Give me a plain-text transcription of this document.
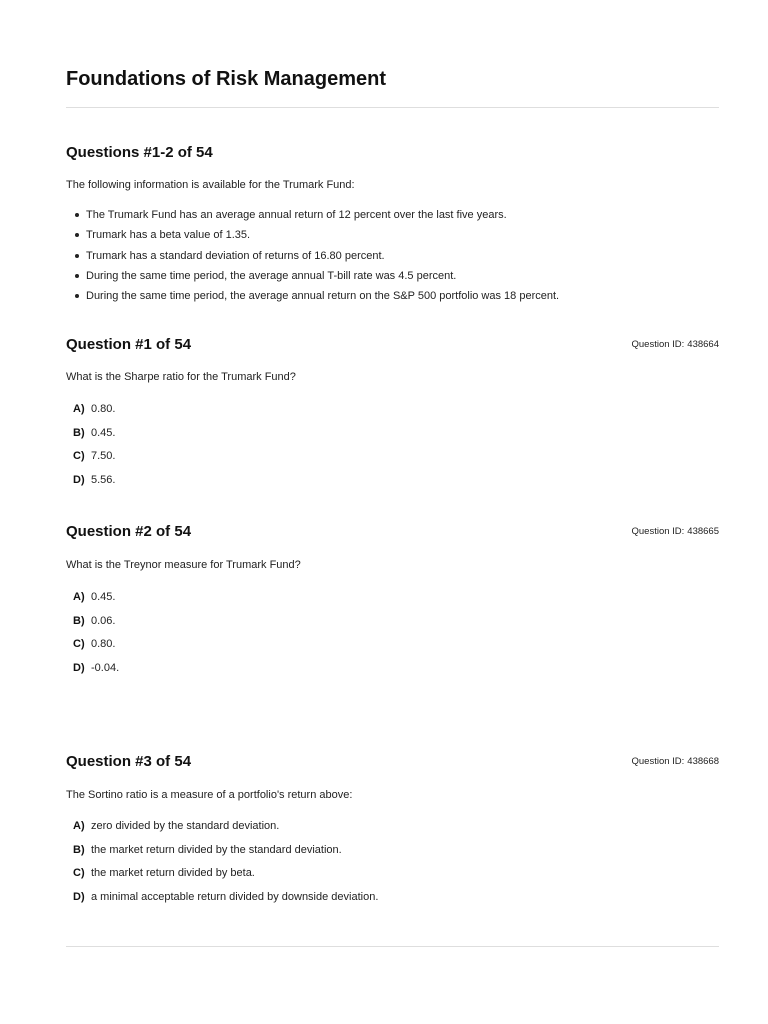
Foundations of Risk Management
Questions #1-2 of 54
The following information is available for the Trumark Fund:
The Trumark Fund has an average annual return of 12 percent over the last five years.
Trumark has a beta value of 1.35.
Trumark has a standard deviation of returns of 16.80 percent.
During the same time period, the average annual T-bill rate was 4.5 percent.
During the same time period, the average annual return on the S&P 500 portfolio was 18 percent.
Question #1 of 54	Question ID: 438664
What is the Sharpe ratio for the Trumark Fund?
A) 0.80.
B) 0.45.
C) 7.50.
D) 5.56.
Question #2 of 54	Question ID: 438665
What is the Treynor measure for Trumark Fund?
A) 0.45.
B) 0.06.
C) 0.80.
D) -0.04.
Question #3 of 54	Question ID: 438668
The Sortino ratio is a measure of a portfolio's return above:
A) zero divided by the standard deviation.
B) the market return divided by the standard deviation.
C) the market return divided by beta.
D) a minimal acceptable return divided by downside deviation.
